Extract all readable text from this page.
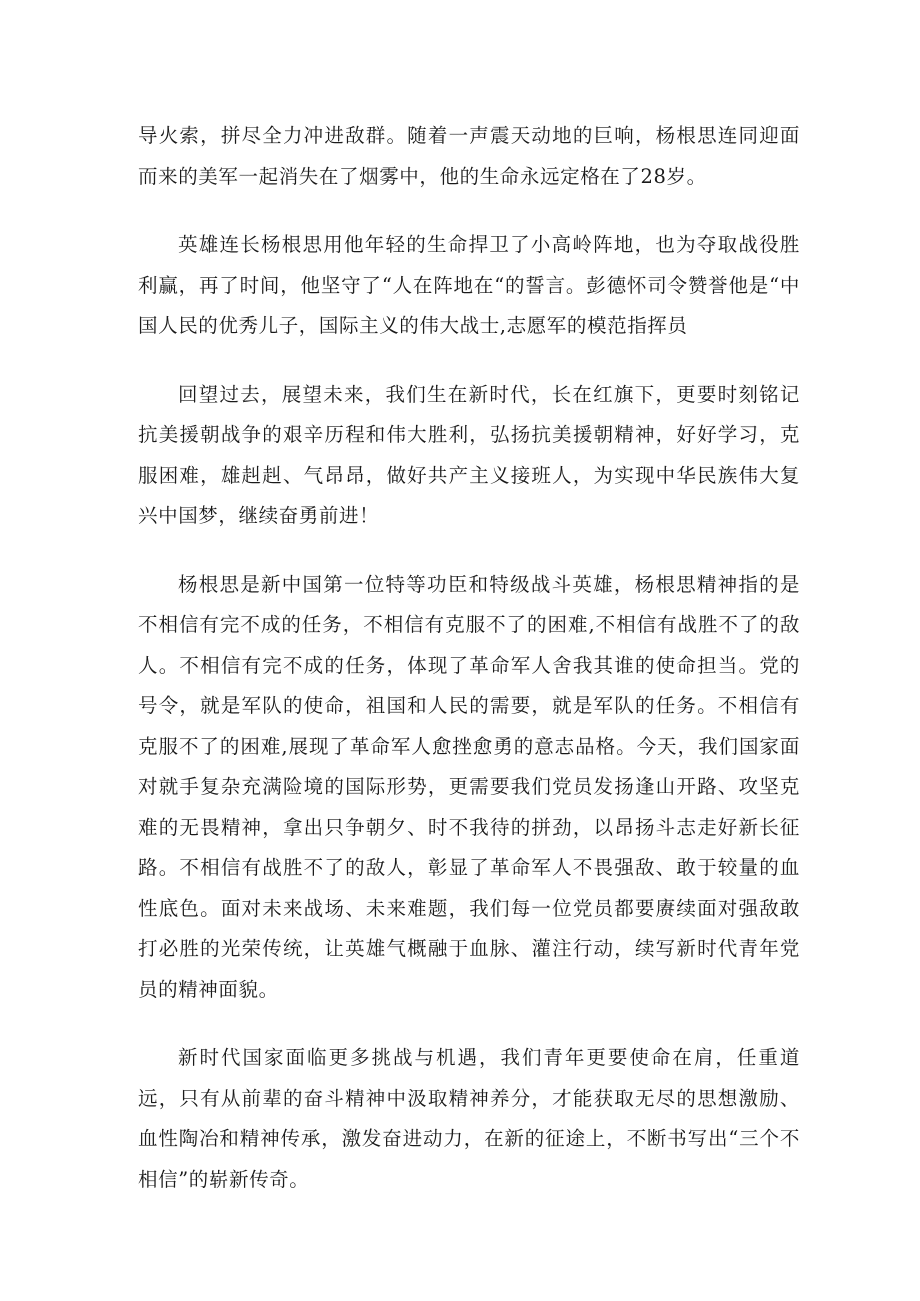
导火索，拼尽全力冲进敌群。随着一声震天动地的巨响，杨根思连同迎面而来的美军一起消失在了烟雾中，他的生命永远定格在了28岁。

英雄连长杨根思用他年轻的生命捍卫了小高岭阵地，也为夺取战役胜利赢，再了时间，他坚守了“人在阵地在“的誓言。彭德怀司令赞誉他是“中国人民的优秀儿子，国际主义的伟大战士,志愿军的模范指挥员

回望过去，展望未来，我们生在新时代，长在红旗下，更要时刻铭记抗美援朝战争的艰辛历程和伟大胜利，弘扬抗美援朝精神，好好学习，克服困难，雄赳赳、气昂昂，做好共产主义接班人，为实现中华民族伟大复兴中国梦，继续奋勇前进！

杨根思是新中国第一位特等功臣和特级战斗英雄，杨根思精神指的是不相信有完不成的任务，不相信有克服不了的困难,不相信有战胜不了的敌人。不相信有完不成的任务，体现了革命军人舍我其谁的使命担当。党的号令，就是军队的使命，祖国和人民的需要，就是军队的任务。不相信有克服不了的困难,展现了革命军人愈挫愈勇的意志品格。今天，我们国家面对就手复杂充满险境的国际形势，更需要我们党员发扬逢山开路、攻坚克难的无畏精神，拿出只争朝夕、时不我待的拼劲，以昂扬斗志走好新长征路。不相信有战胜不了的敌人，彰显了革命军人不畏强敌、敢于较量的血性底色。面对未来战场、未来难题，我们每一位党员都要赓续面对强敌敢打必胜的光荣传统，让英雄气概融于血脉、灌注行动，续写新时代青年党员的精神面貌。

新时代国家面临更多挑战与机遇，我们青年更要使命在肩，任重道远，只有从前辈的奋斗精神中汲取精神养分，才能获取无尽的思想激励、血性陶冶和精神传承，激发奋进动力，在新的征途上，不断书写出“三个不相信”的崭新传奇。
